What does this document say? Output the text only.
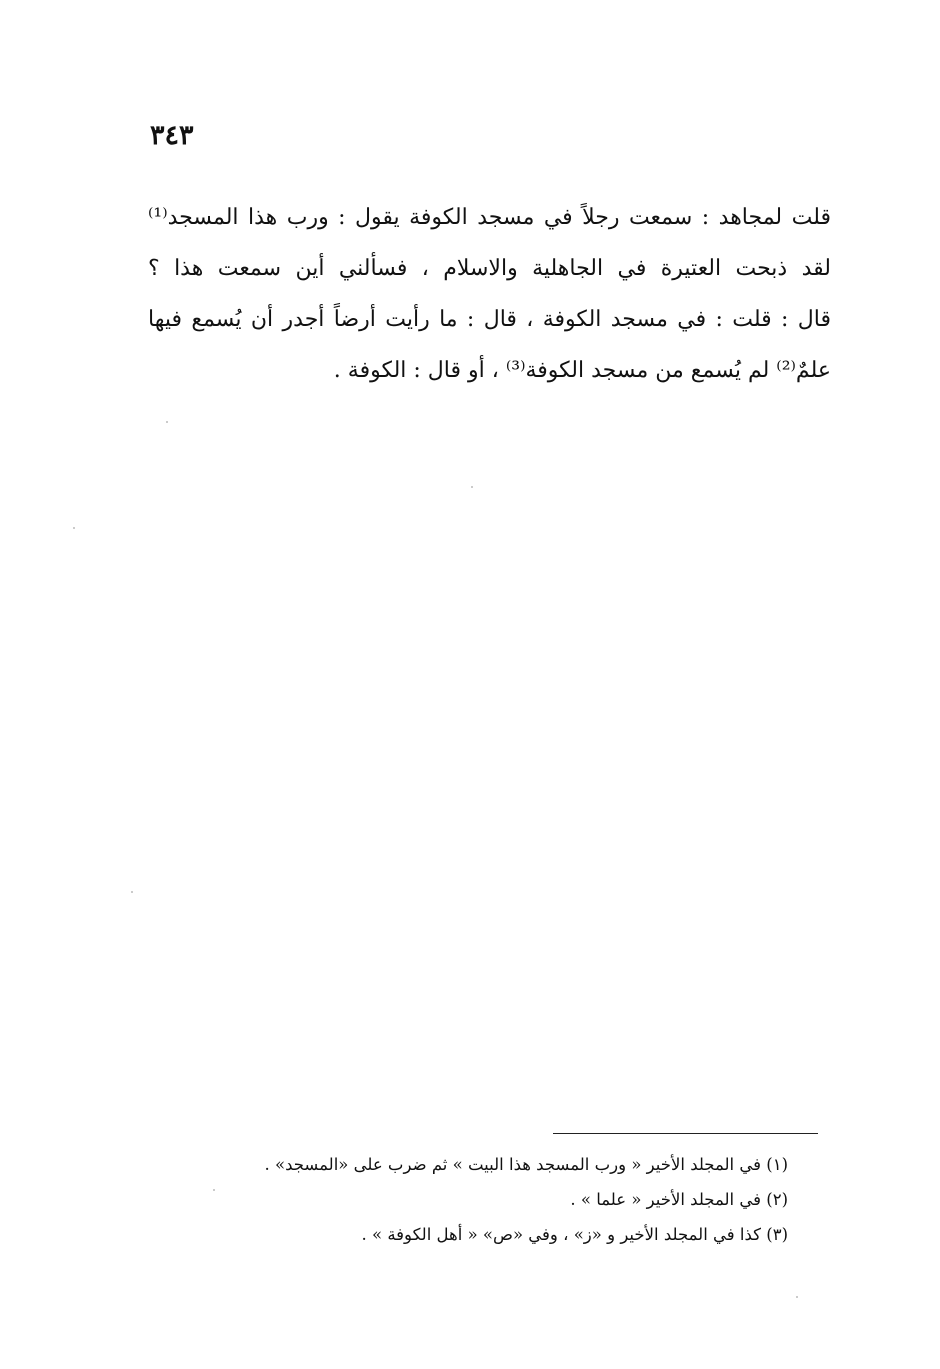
٣٤٣
قلت لمجاهد : سمعت رجلاً في مسجد الكوفة يقول : ورب هذا المسجد⁽¹⁾
لقد ذبحت العتيرة في الجاهلية والاسلام ، فسألني أين سمعت هذا ؟
قال : قلت : في مسجد الكوفة ، قال : ما رأيت أرضاً أجدر أن يُسمع فيها
علمٌ⁽²⁾ لم يُسمع من مسجد الكوفة⁽³⁾ ، أو قال : الكوفة .
(١) في المجلد الأخير « ورب المسجد هذا البيت » ثم ضرب على «المسجد» .
(٢) في المجلد الأخير « علما » .
(٣) كذا في المجلد الأخير و «ز» ، وفي «ص» « أهل الكوفة » .
